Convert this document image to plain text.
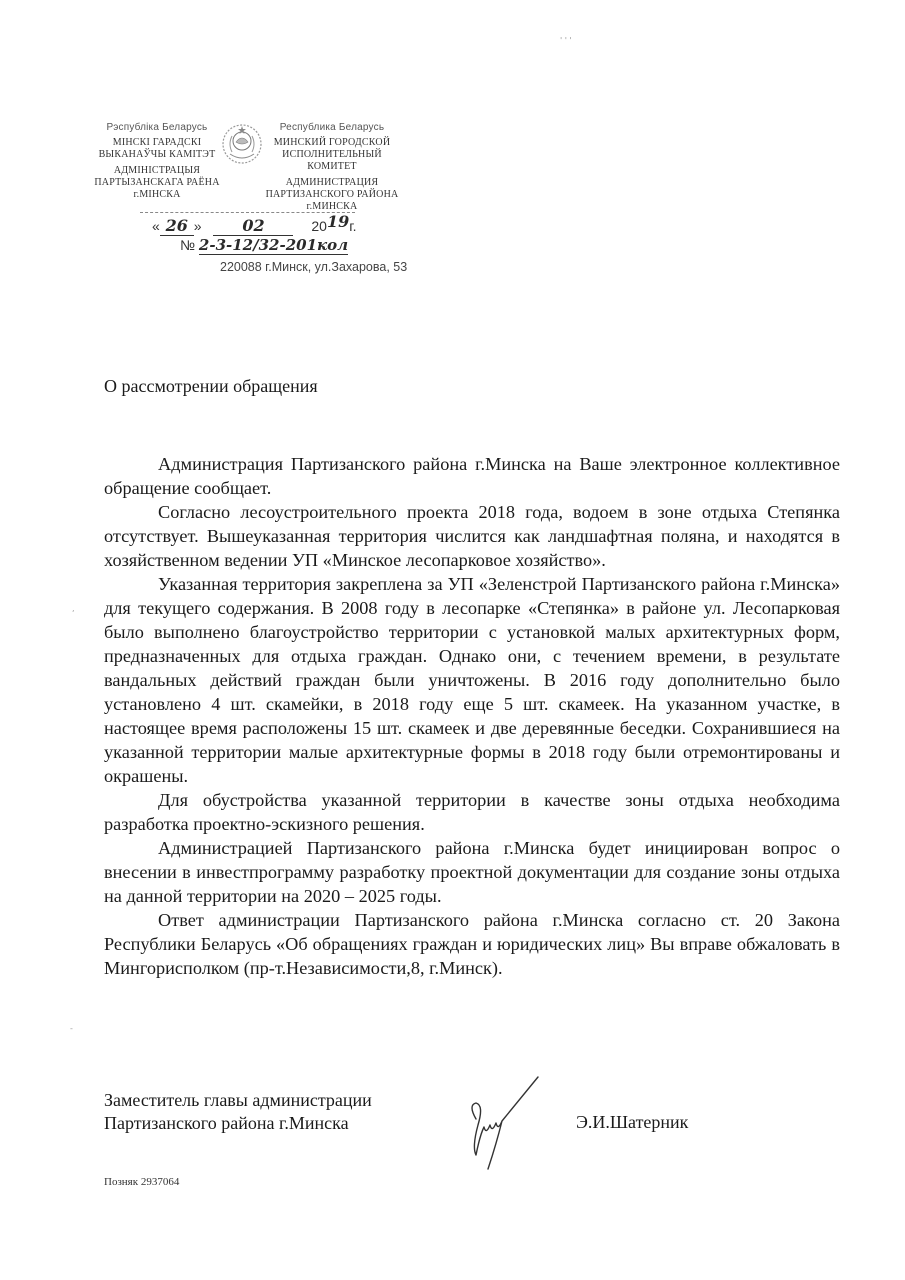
Рэспубліка Беларусь
МІНСКІ ГАРАДСКІ
ВЫКАНАЎЧЫ КАМІТЭТ
АДМІНІСТРАЦЫЯ
ПАРТЫЗАНСКАГА РАЁНА
г.МІНСКА
Республика Беларусь
МИНСКИЙ ГОРОДСКОЙ
ИСПОЛНИТЕЛЬНЫЙ КОМИТЕТ
АДМИНИСТРАЦИЯ
ПАРТИЗАНСКОГО РАЙОНА
г.МИНСКА
« 26 »	02	2019г.
№ 2-3-12/32-201кол
220088 г.Минск, ул.Захарова, 53
О рассмотрении обращения

Администрация Партизанского района г.Минска на Ваше электронное коллективное обращение сообщает.

Согласно лесоустроительного проекта 2018 года, водоем в зоне отдыха Степянка отсутствует. Вышеуказанная территория числится как ландшафтная поляна, и находятся в хозяйственном ведении УП «Минское лесопарковое хозяйство».

Указанная территория закреплена за УП «Зеленстрой Партизанского района г.Минска» для текущего содержания. В 2008 году в лесопарке «Степянка» в районе ул. Лесопарковая было выполнено благоустройство территории с установкой малых архитектурных форм, предназначенных для отдыха граждан. Однако они, с течением времени, в результате вандальных действий граждан были уничтожены. В 2016 году дополнительно было установлено 4 шт. скамейки, в 2018 году еще 5 шт. скамеек. На указанном участке, в настоящее время расположены 15 шт. скамеек и две деревянные беседки. Сохранившиеся на указанной территории малые архитектурные формы в 2018 году были отремонтированы и окрашены.

Для обустройства указанной территории в качестве зоны отдыха необходима разработка проектно-эскизного решения.

Администрацией Партизанского района г.Минска будет инициирован вопрос о внесении в инвестпрограмму разработку проектной документации для создание зоны отдыха на данной территории на 2020 – 2025 годы.

Ответ администрации Партизанского района г.Минска согласно ст. 20 Закона Республики Беларусь «Об обращениях граждан и юридических лиц» Вы вправе обжаловать в Мингорисполком (пр-т.Независимости,8, г.Минск).

Заместитель главы администрации
Партизанского района г.Минска	Э.И.Шатерник
Позняк 2937064
' ' '
,
-
